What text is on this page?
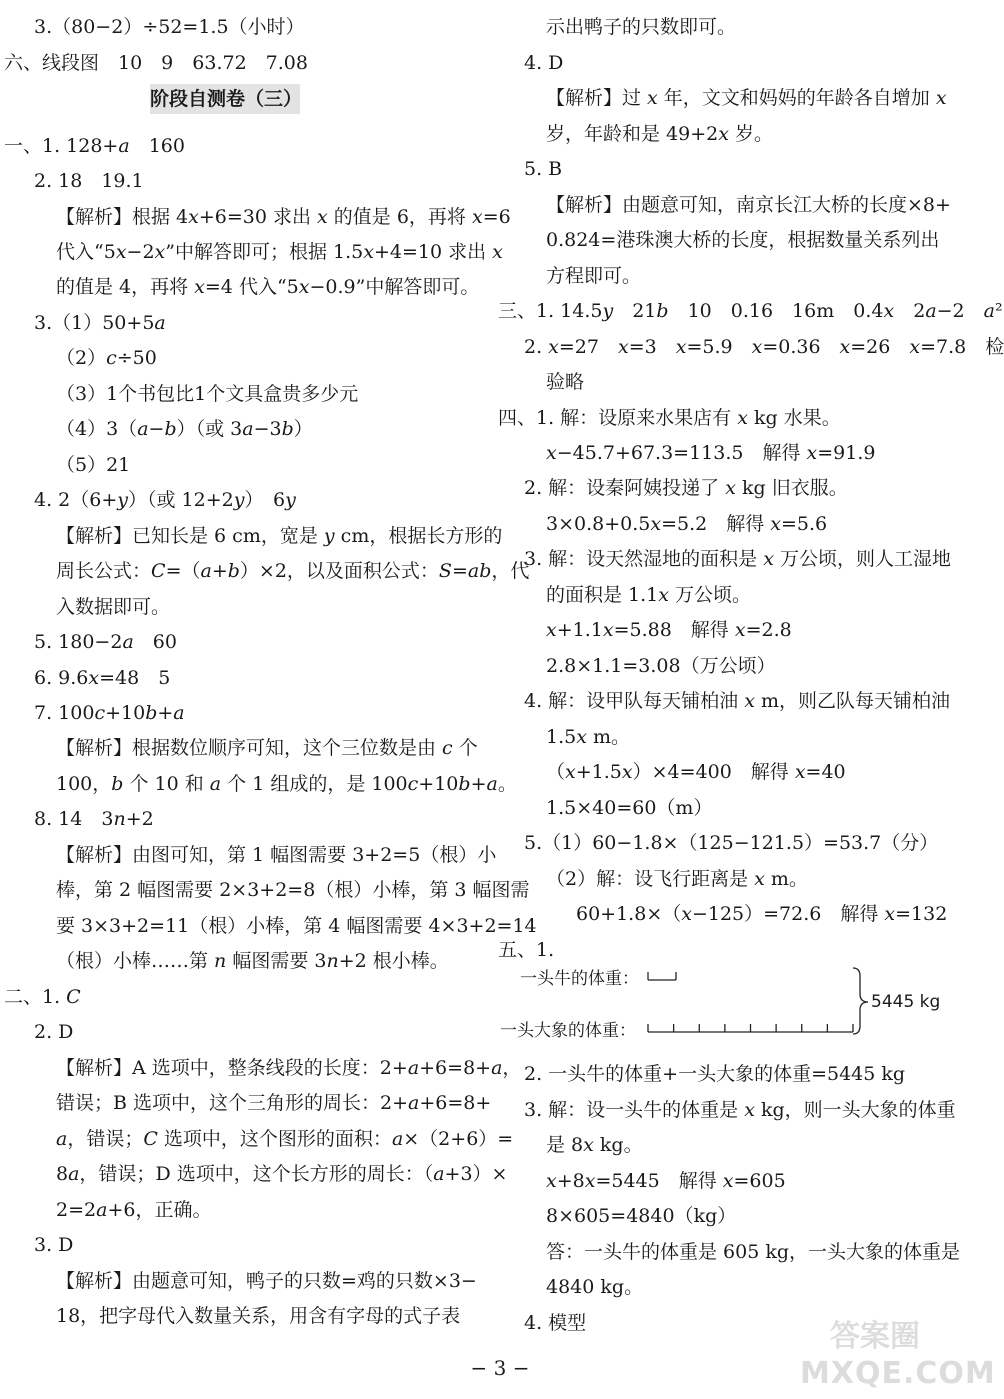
阶段自测卷（三）
3.（80−2）÷52=1.5（小时）
六、线段图　10　9　63.72　7.08
一、1. 128+a　160
2. 18　19.1
【解析】根据 4x+6=30 求出 x 的值是 6，再将 x=6
代入“5x−2x”中解答即可；根据 1.5x+4=10 求出 x
的值是 4，再将 x=4 代入“5x−0.9”中解答即可。
3.（1）50+5a
（2）c÷50
（3）1个书包比1个文具盒贵多少元
（4）3（a−b）（或 3a−3b）
（5）21
4. 2（6+y）（或 12+2y）　6y
【解析】已知长是 6 cm，宽是 y cm，根据长方形的
周长公式：C=（a+b）×2，以及面积公式：S=ab，代
入数据即可。
5. 180−2a　60
6. 9.6x=48　5
7. 100c+10b+a
【解析】根据数位顺序可知，这个三位数是由 c 个
100，b 个 10 和 a 个 1 组成的，是 100c+10b+a。
8. 14　3n+2
【解析】由图可知，第 1 幅图需要 3+2=5（根）小
棒，第 2 幅图需要 2×3+2=8（根）小棒，第 3 幅图需
要 3×3+2=11（根）小棒，第 4 幅图需要 4×3+2=14
（根）小棒……第 n 幅图需要 3n+2 根小棒。
二、1. C
2. D
【解析】A 选项中，整条线段的长度：2+a+6=8+a，
错误；B 选项中，这个三角形的周长：2+a+6=8+
a，错误；C 选项中，这个图形的面积：a×（2+6）=
8a，错误；D 选项中，这个长方形的周长：（a+3）×
2=2a+6，正确。
3. D
【解析】由题意可知，鸭子的只数=鸡的只数×3−
18，把字母代入数量关系，用含有字母的式子表
示出鸭子的只数即可。
4. D
【解析】过 x 年，文文和妈妈的年龄各自增加 x
岁，年龄和是 49+2x 岁。
5. B
【解析】由题意可知，南京长江大桥的长度×8+
0.824=港珠澳大桥的长度，根据数量关系列出
方程即可。
三、1. 14.5y　21b　10　0.16　16m　0.4x　2a−2　a²
2. x=27　x=3　x=5.9　x=0.36　x=26　x=7.8　检
验略
四、1. 解：设原来水果店有 x kg 水果。
x−45.7+67.3=113.5　解得 x=91.9
2. 解：设秦阿姨投递了 x kg 旧衣服。
3×0.8+0.5x=5.2　解得 x=5.6
3. 解：设天然湿地的面积是 x 万公顷，则人工湿地
的面积是 1.1x 万公顷。
x+1.1x=5.88　解得 x=2.8
2.8×1.1=3.08（万公顷）
4. 解：设甲队每天铺柏油 x m，则乙队每天铺柏油
1.5x m。
（x+1.5x）×4=400　解得 x=40
1.5×40=60（m）
5.（1）60−1.8×（125−121.5）=53.7（分）
（2）解：设飞行距离是 x m。
60+1.8×（x−125）=72.6　解得 x=132
五、1.
2. 一头牛的体重+一头大象的体重=5445 kg
3. 解：设一头牛的体重是 x kg，则一头大象的体重
是 8x kg。
x+8x=5445　解得 x=605
8×605=4840（kg）
答：一头牛的体重是 605 kg，一头大象的体重是
4840 kg。
4. 模型
一头牛的体重：
一头大象的体重：
5445 kg
− 3 −
答案圈
MXQE.COM
